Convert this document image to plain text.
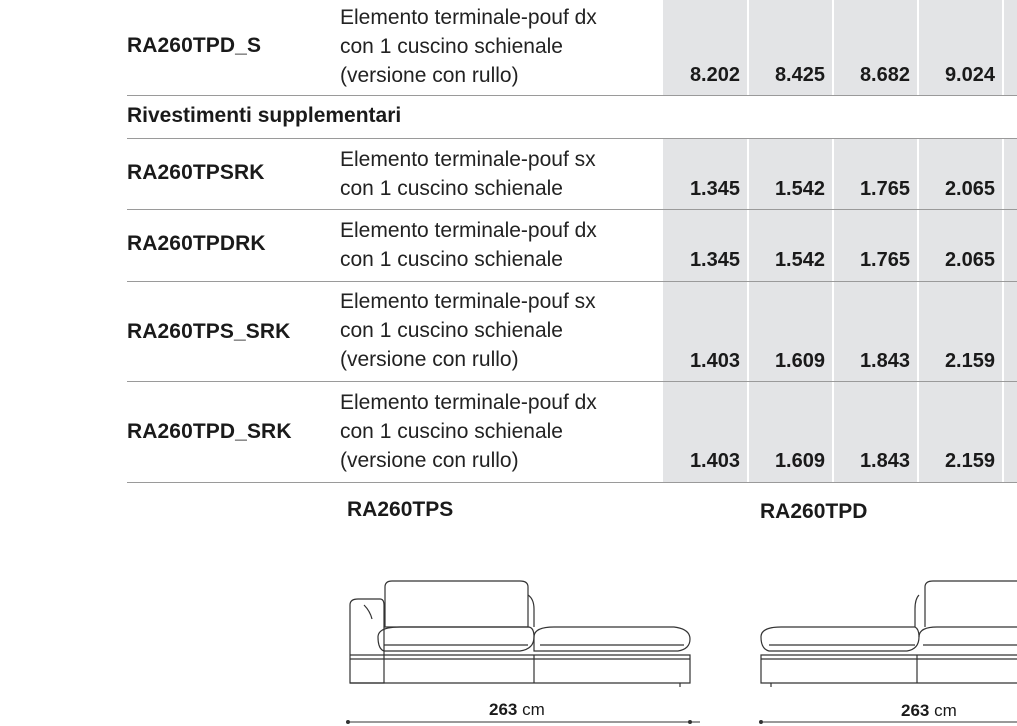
RA260TPD_S
Elemento terminale-pouf dx
con 1 cuscino schienale
(versione con rullo)	8.202	8.425	8.682	9.024
Rivestimenti supplementari
RA260TPSRK
Elemento terminale-pouf sx
con 1 cuscino schienale	1.345	1.542	1.765	2.065
RA260TPDRK
Elemento terminale-pouf dx
con 1 cuscino schienale	1.345	1.542	1.765	2.065
RA260TPS_SRK
Elemento terminale-pouf sx
con 1 cuscino schienale
(versione con rullo)	1.403	1.609	1.843	2.159
RA260TPD_SRK
Elemento terminale-pouf dx
con 1 cuscino schienale
(versione con rullo)	1.403	1.609	1.843	2.159
RA260TPS	RA260TPD
263 cm	263 cm
